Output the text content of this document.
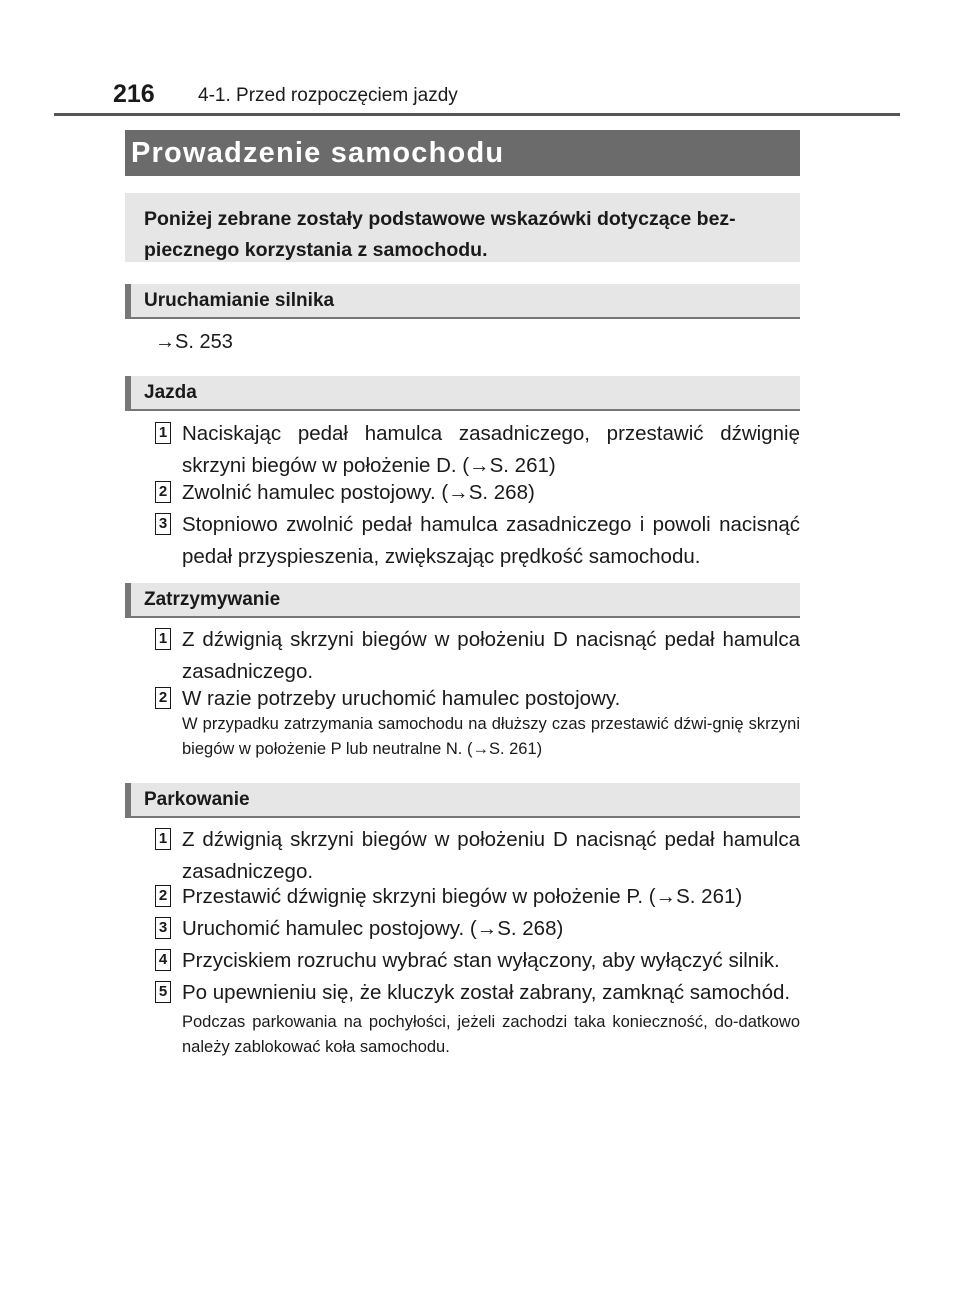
216 4-1. Przed rozpoczęciem jazdy
Prowadzenie samochodu
Poniżej zebrane zostały podstawowe wskazówki dotyczące bez-piecznego korzystania z samochodu.
Uruchamianie silnika
→S. 253
Jazda
1 Naciskając pedał hamulca zasadniczego, przestawić dźwignię skrzyni biegów w położenie D. (→S. 261)
2 Zwolnić hamulec postojowy. (→S. 268)
3 Stopniowo zwolnić pedał hamulca zasadniczego i powoli nacisnąć pedał przyspieszenia, zwiększając prędkość samochodu.
Zatrzymywanie
1 Z dźwignią skrzyni biegów w położeniu D nacisnąć pedał hamulca zasadniczego.
2 W razie potrzeby uruchomić hamulec postojowy.
W przypadku zatrzymania samochodu na dłuższy czas przestawić dźwi-gnię skrzyni biegów w położenie P lub neutralne N. (→S. 261)
Parkowanie
1 Z dźwignią skrzyni biegów w położeniu D nacisnąć pedał hamulca zasadniczego.
2 Przestawić dźwignię skrzyni biegów w położenie P. (→S. 261)
3 Uruchomić hamulec postojowy. (→S. 268)
4 Przyciskiem rozruchu wybrać stan wyłączony, aby wyłączyć silnik.
5 Po upewnieniu się, że kluczyk został zabrany, zamknąć samochód.
Podczas parkowania na pochyłości, jeżeli zachodzi taka konieczność, do-datkowo należy zablokować koła samochodu.
